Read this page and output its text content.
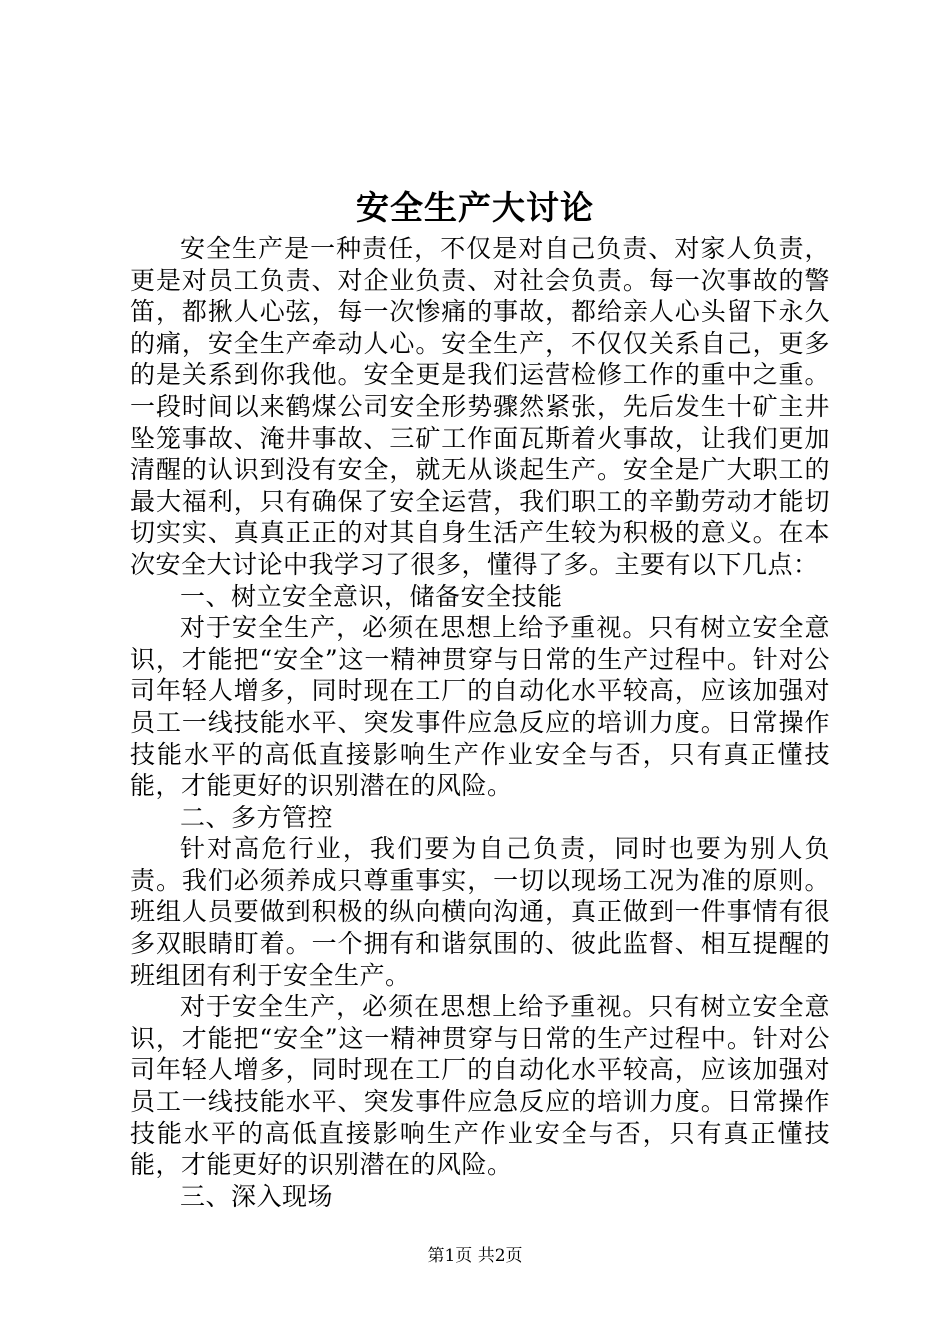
安全生产大讨论

安全生产是一种责任，不仅是对自己负责、对家人负责，更是对员工负责、对企业负责、对社会负责。每一次事故的警笛，都揪人心弦，每一次惨痛的事故，都给亲人心头留下永久的痛，安全生产牵动人心。安全生产，不仅仅关系自己，更多的是关系到你我他。安全更是我们运营检修工作的重中之重。一段时间以来鹤煤公司安全形势骤然紧张，先后发生十矿主井坠笼事故、淹井事故、三矿工作面瓦斯着火事故，让我们更加清醒的认识到没有安全，就无从谈起生产。安全是广大职工的最大福利，只有确保了安全运营，我们职工的辛勤劳动才能切切实实、真真正正的对其自身生活产生较为积极的意义。在本次安全大讨论中我学习了很多，懂得了多。主要有以下几点：

一、树立安全意识，储备安全技能

对于安全生产，必须在思想上给予重视。只有树立安全意识，才能把“安全”这一精神贯穿与日常的生产过程中。针对公司年轻人增多，同时现在工厂的自动化水平较高，应该加强对员工一线技能水平、突发事件应急反应的培训力度。日常操作技能水平的高低直接影响生产作业安全与否，只有真正懂技能，才能更好的识别潜在的风险。

二、多方管控

针对高危行业，我们要为自己负责，同时也要为别人负责。我们必须养成只尊重事实，一切以现场工况为准的原则。班组人员要做到积极的纵向横向沟通，真正做到一件事情有很多双眼睛盯着。一个拥有和谐氛围的、彼此监督、相互提醒的班组团有利于安全生产。

对于安全生产，必须在思想上给予重视。只有树立安全意识，才能把“安全”这一精神贯穿与日常的生产过程中。针对公司年轻人增多，同时现在工厂的自动化水平较高，应该加强对员工一线技能水平、突发事件应急反应的培训力度。日常操作技能水平的高低直接影响生产作业安全与否，只有真正懂技能，才能更好的识别潜在的风险。

三、深入现场

第1页 共2页
